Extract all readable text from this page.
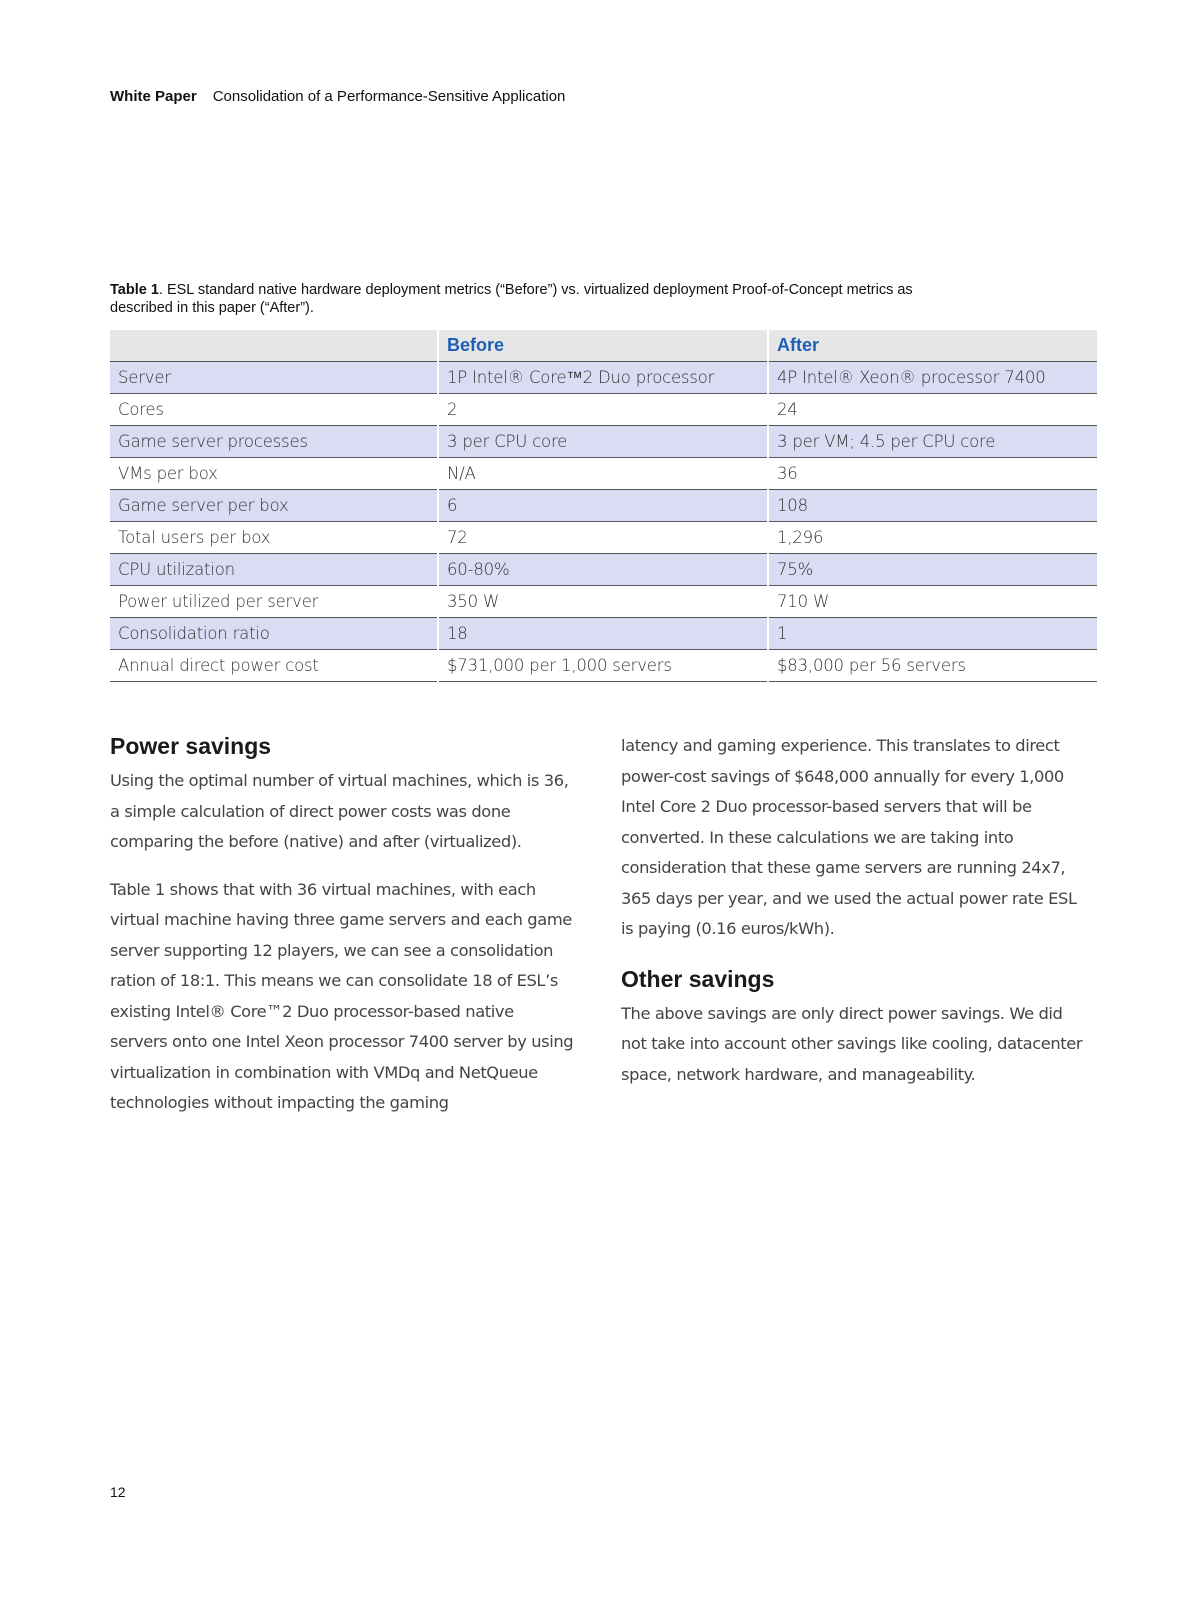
White Paper Consolidation of a Performance-Sensitive Application
Table 1. ESL standard native hardware deployment metrics (“Before”) vs. virtualized deployment Proof-of-Concept metrics as described in this paper (“After”).
	Before	After
Server	1P Intel® Core™2 Duo processor	4P Intel® Xeon® processor 7400
Cores	2	24
Game server processes	3 per CPU core	3 per VM; 4.5 per CPU core
VMs per box	N/A	36
Game server per box	6	108
Total users per box	72	1,296
CPU utilization	60-80%	75%
Power utilized per server	350 W	710 W
Consolidation ratio	18	1
Annual direct power cost	$731,000 per 1,000 servers	$83,000 per 56 servers
Power savings

Using the optimal number of virtual machines, which is 36, a simple calculation of direct power costs was done comparing the before (native) and after (virtualized).

Table 1 shows that with 36 virtual machines, with each virtual machine having three game servers and each game server supporting 12 players, we can see a consolidation ration of 18:1. This means we can consolidate 18 of ESL’s existing Intel® Core™2 Duo processor-based native servers onto one Intel Xeon processor 7400 server by using virtualization in combination with VMDq and NetQueue technologies without impacting the gaming

latency and gaming experience. This translates to direct power-cost savings of $648,000 annually for every 1,000 Intel Core 2 Duo processor-based servers that will be converted. In these calculations we are taking into consideration that these game servers are running 24x7, 365 days per year, and we used the actual power rate ESL is paying (0.16 euros/kWh).

Other savings

The above savings are only direct power savings. We did not take into account other savings like cooling, datacenter space, network hardware, and manageability.

12
